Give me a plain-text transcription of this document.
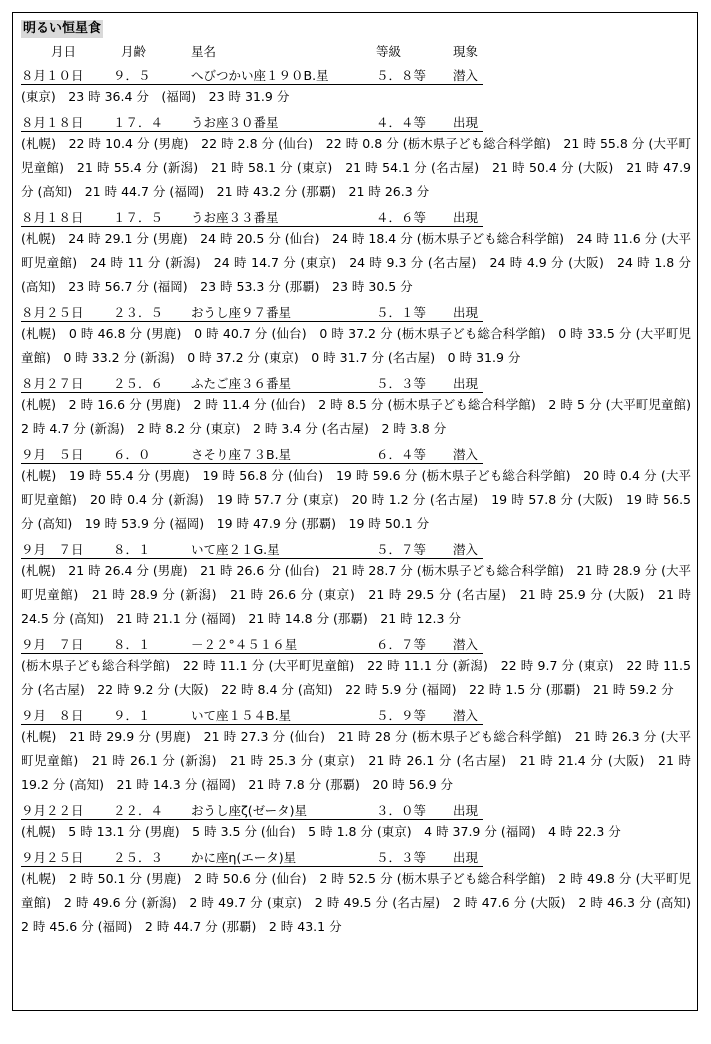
明るい恒星食
月日	月齢	星名	等級	現象
８月１０日 ９．５	へびつかい座１９０B.星	５．８等 潜入

(東京)　23 時 36.4 分　(福岡)　23 時 31.9 分

８月１８日 １７．４ うお座３０番星	４．４等 出現

(札幌)　22 時 10.4 分 (男鹿)　22 時 2.8 分 (仙台)　22 時 0.8 分 (栃木県子ども総合科学館)　21 時 55.8 分 (大平町児童館)　21 時 55.4 分 (新潟)　21 時 58.1 分 (東京)　21 時 54.1 分 (名古屋)　21 時 50.4 分 (大阪)　21 時 47.9 分 (高知)　21 時 44.7 分 (福岡)　21 時 43.2 分 (那覇)　21 時 26.3 分

８月１８日 １７．５ うお座３３番星	４．６等 出現

(札幌)　24 時 29.1 分 (男鹿)　24 時 20.5 分 (仙台)　24 時 18.4 分 (栃木県子ども総合科学館)　24 時 11.6 分 (大平町児童館)　24 時 11 分 (新潟)　24 時 14.7 分 (東京)　24 時 9.3 分 (名古屋)　24 時 4.9 分 (大阪)　24 時 1.8 分 (高知)　23 時 56.7 分 (福岡)　23 時 53.3 分 (那覇)　23 時 30.5 分

８月２５日 ２３．５ おうし座９７番星	５．１等 出現

(札幌)　0 時 46.8 分 (男鹿)　0 時 40.7 分 (仙台)　0 時 37.2 分 (栃木県子ども総合科学館)　0 時 33.5 分 (大平町児童館)　0 時 33.2 分 (新潟)　0 時 37.2 分 (東京)　0 時 31.7 分 (名古屋)　0 時 31.9 分

８月２７日 ２５．６ ふたご座３６番星	５．３等 出現

(札幌)　2 時 16.6 分 (男鹿)　2 時 11.4 分 (仙台)　2 時 8.5 分 (栃木県子ども総合科学館)　2 時 5 分 (大平町児童館)　2 時 4.7 分 (新潟)　2 時 8.2 分 (東京)　2 時 3.4 分 (名古屋)　2 時 3.8 分

９月　５日 ６．０	さそり座７３B.星	６．４等 潜入

(札幌)　19 時 55.4 分 (男鹿)　19 時 56.8 分 (仙台)　19 時 59.6 分 (栃木県子ども総合科学館)　20 時 0.4 分 (大平町児童館)　20 時 0.4 分 (新潟)　19 時 57.7 分 (東京)　20 時 1.2 分 (名古屋)　19 時 57.8 分 (大阪)　19 時 56.5 分 (高知)　19 時 53.9 分 (福岡)　19 時 47.9 分 (那覇)　19 時 50.1 分

９月　７日 ８．１	いて座２１G.星	５．７等 潜入

(札幌)　21 時 26.4 分 (男鹿)　21 時 26.6 分 (仙台)　21 時 28.7 分 (栃木県子ども総合科学館)　21 時 28.9 分 (大平町児童館)　21 時 28.9 分 (新潟)　21 時 26.6 分 (東京)　21 時 29.5 分 (名古屋)　21 時 25.9 分 (大阪)　21 時 24.5 分 (高知)　21 時 21.1 分 (福岡)　21 時 14.8 分 (那覇)　21 時 12.3 分

９月　７日 ８．１	－２２°４５１６星	６．７等 潜入

(栃木県子ども総合科学館)　22 時 11.1 分 (大平町児童館)　22 時 11.1 分 (新潟)　22 時 9.7 分 (東京)　22 時 11.5 分 (名古屋)　22 時 9.2 分 (大阪)　22 時 8.4 分 (高知)　22 時 5.9 分 (福岡)　22 時 1.5 分 (那覇)　21 時 59.2 分

９月　８日 ９．１	いて座１５４B.星	５．９等 潜入

(札幌)　21 時 29.9 分 (男鹿)　21 時 27.3 分 (仙台)　21 時 28 分 (栃木県子ども総合科学館)　21 時 26.3 分 (大平町児童館)　21 時 26.1 分 (新潟)　21 時 25.3 分 (東京)　21 時 26.1 分 (名古屋)　21 時 21.4 分 (大阪)　21 時 19.2 分 (高知)　21 時 14.3 分 (福岡)　21 時 7.8 分 (那覇)　20 時 56.9 分

９月２２日 ２２．４ おうし座ζ(ゼータ)星	３．０等 出現

(札幌)　5 時 13.1 分 (男鹿)　5 時 3.5 分 (仙台)　5 時 1.8 分 (東京)　4 時 37.9 分 (福岡)　4 時 22.3 分

９月２５日 ２５．３ かに座η(エータ)星	５．３等 出現

(札幌)　2 時 50.1 分 (男鹿)　2 時 50.6 分 (仙台)　2 時 52.5 分 (栃木県子ども総合科学館)　2 時 49.8 分 (大平町児童館)　2 時 49.6 分 (新潟)　2 時 49.7 分 (東京)　2 時 49.5 分 (名古屋)　2 時 47.6 分 (大阪)　2 時 46.3 分 (高知)　2 時 45.6 分 (福岡)　2 時 44.7 分 (那覇)　2 時 43.1 分
